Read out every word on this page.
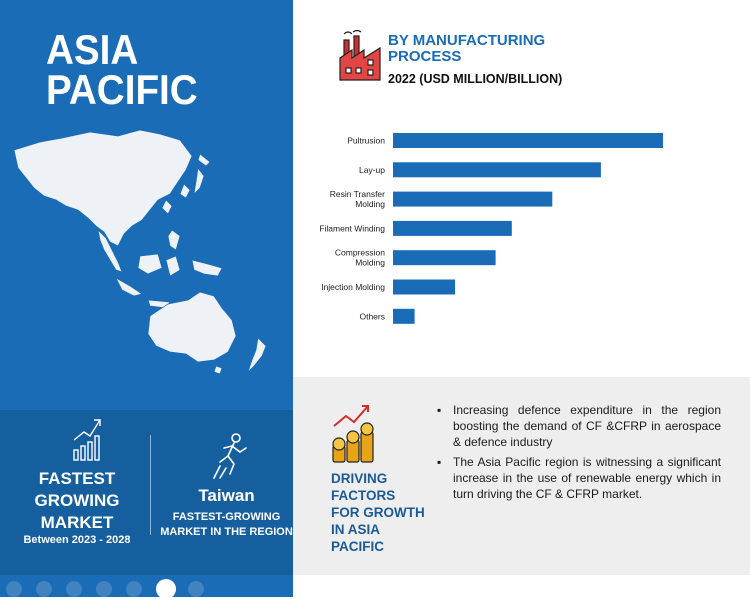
ASIA
PACIFIC
FASTEST
GROWING
MARKET
Between 2023 - 2028
Taiwan
FASTEST-GROWING
MARKET IN THE REGION
BY MANUFACTURING
PROCESS
2022 (USD MILLION/BILLION)
Pultrusion
Lay-up
Resin Transfer Molding
Filament Winding
Compression Molding
Injection Molding
Others
DRIVING
FACTORS
FOR GROWTH
IN ASIA
PACIFIC
▪ Increasing defence expenditure in the region boosting the demand of CF &CFRP in aerospace & defence industry
▪ The Asia Pacific region is witnessing a significant increase in the use of renewable energy which in turn driving the CF & CFRP market.
